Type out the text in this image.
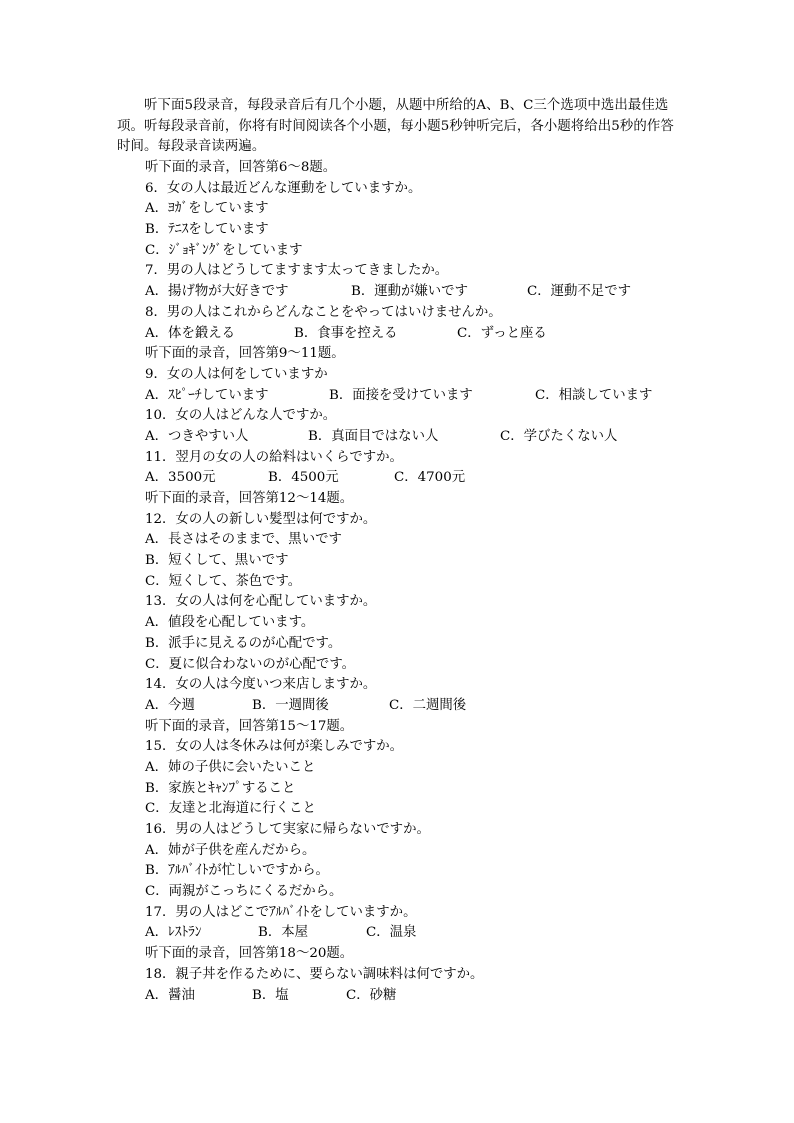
听下面5段录音，每段录音后有几个小题，从题中所给的A、B、C三个选项中选出最佳选项。听每段录音前，你将有时间阅读各个小题，每小题5秒钟听完后，各小题将给出5秒的作答时间。每段录音读两遍。

听下面的录音，回答第6～8题。
6．女の人は最近どんな運動をしていますか。
A．ﾖｶﾞをしています
B．ﾃﾆｽをしています
C．ｼﾞｮｷﾞﾝｸﾞをしています
7．男の人はどうしてますます太ってきましたか。
A．揚げ物が大好きです	B．運動が嫌いです	C．運動不足です
8．男の人はこれからどんなことをやってはいけませんか。
A．体を鍛える	B．食事を控える	C．ずっと座る
听下面的录音，回答第9～11题。
9．女の人は何をしていますか
A．ｽﾋﾟｰﾁしています	B．面接を受けています	C．相談しています
10．女の人はどんな人ですか。
A．つきやすい人	B．真面目ではない人	C．学びたくない人
11．翌月の女の人の給料はいくらですか。
A．3500元	B．4500元	C．4700元
听下面的录音，回答第12～14题。
12．女の人の新しい髪型は何ですか。
A．長さはそのままで、黒いです
B．短くして、黒いです
C．短くして、茶色です。
13．女の人は何を心配していますか。
A．値段を心配しています。
B．派手に見えるのが心配です。
C．夏に似合わないのが心配です。
14．女の人は今度いつ来店しますか。
A．今週	B．一週間後	C．二週間後
听下面的录音，回答第15～17题。
15．女の人は冬休みは何が楽しみですか。
A．姉の子供に会いたいこと
B．家族とｷｬﾝﾌﾟすること
C．友達と北海道に行くこと
16．男の人はどうして実家に帰らないですか。
A．姉が子供を産んだから。
B．ｱﾙﾊﾞｲﾄが忙しいですから。
C．両親がこっちにくるだから。
17．男の人はどこでｱﾙﾊﾞｲﾄをしていますか。
A．ﾚｽﾄﾗﾝ	B．本屋	C．温泉
听下面的录音，回答第18～20题。
18．親子丼を作るために、要らない調味料は何ですか。
A．醤油	B．塩	C．砂糖
